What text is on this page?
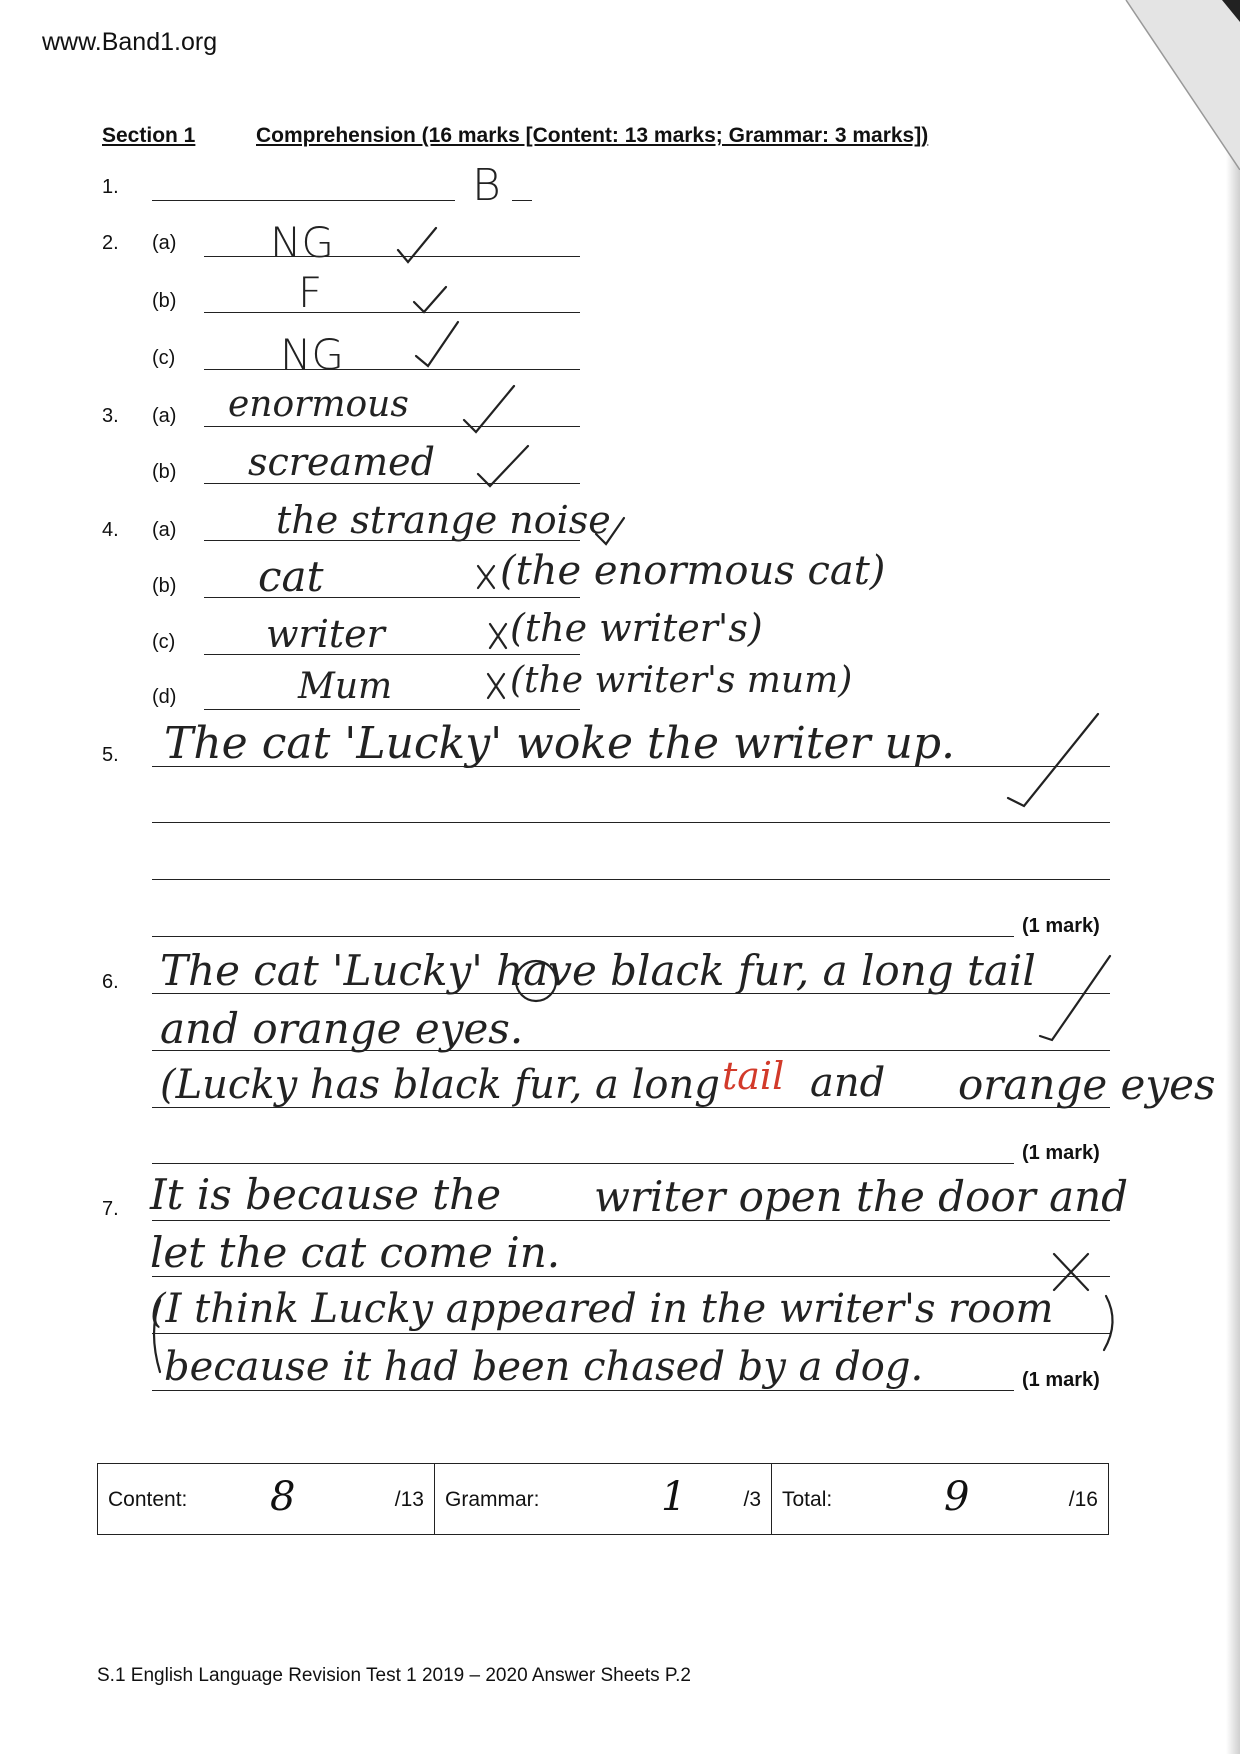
www.Band1.org
Section 1	Comprehension (16 marks [Content: 13 marks; Grammar: 3 marks])
1.	B
2. (a) NG
(b)	F
(c) NG
3. (a) enormous
(b) screamed
4. (a)	the strange noise
(b) cat	(the enormous cat)
(c) writer	(the writer's)
(d)	Mum	(the writer's mum)
5. The cat 'Lucky' woke the writer up.
(1 mark)
6. The cat 'Lucky' have black fur, a long tail
and orange eyes.
(Lucky has black fur, a long tail and orange eyes
(1 mark)
7. It is because the writer open the door and
let the cat come in.
(I think Lucky appeared in the writer's room
because it had been chased by a dog.	(1 mark)
Content: 8	/13 Grammar:	1	/3 Total:	9	/16
S.1 English Language Revision Test 1 2019 – 2020 Answer Sheets P.2
